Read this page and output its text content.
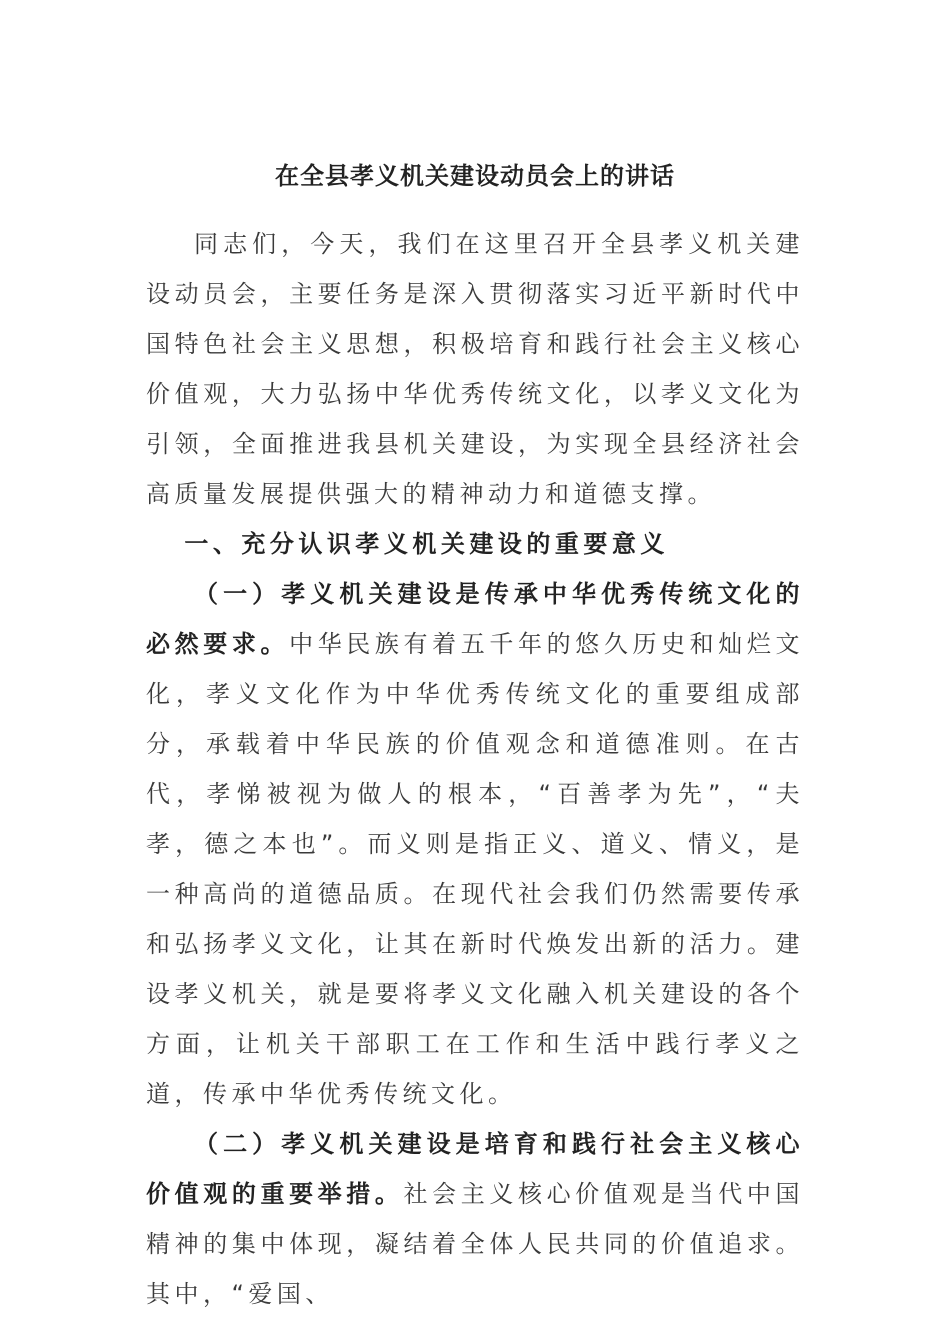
在全县孝义机关建设动员会上的讲话

同志们，今天，我们在这里召开全县孝义机关建设动员会，主要任务是深入贯彻落实习近平新时代中国特色社会主义思想，积极培育和践行社会主义核心价值观，大力弘扬中华优秀传统文化，以孝义文化为引领，全面推进我县机关建设，为实现全县经济社会高质量发展提供强大的精神动力和道德支撑。

一、充分认识孝义机关建设的重要意义

（一）孝义机关建设是传承中华优秀传统文化的必然要求。中华民族有着五千年的悠久历史和灿烂文化，孝义文化作为中华优秀传统文化的重要组成部分，承载着中华民族的价值观念和道德准则。在古代，孝悌被视为做人的根本，“百善孝为先”，“夫孝，德之本也”。而义则是指正义、道义、情义，是一种高尚的道德品质。在现代社会我们仍然需要传承和弘扬孝义文化，让其在新时代焕发出新的活力。建设孝义机关，就是要将孝义文化融入机关建设的各个方面，让机关干部职工在工作和生活中践行孝义之道，传承中华优秀传统文化。

（二）孝义机关建设是培育和践行社会主义核心价值观的重要举措。社会主义核心价值观是当代中国精神的集中体现，凝结着全体人民共同的价值追求。其中，“爱国、
